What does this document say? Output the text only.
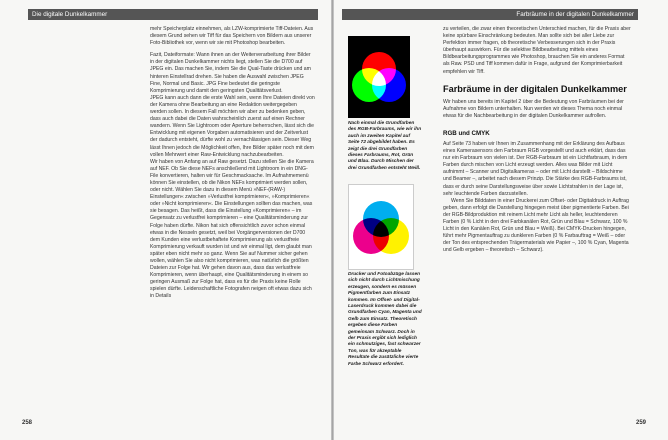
Die digitale Dunkelkammer

mehr Speicherplatz einnehmen, als LZW-komprimierte Tiff-Dateien. Aus diesem Grund sehen wir Tiff für das Speichern von Bildern aus unserer Foto-Bibliothek vor, wenn wir sie mit Photoshop bearbeiten.

Fazit, Dateiformate: Wann ihnen an der Weiterverarbeitung ihrer Bilder in der digitalen Dunkelkammer nichts liegt, stellen Sie die D700 auf JPEG ein. Das machen Sie, indem Sie die Qual-Taste drücken und am hinteren Einstellrad drehen. Sie haben die Auswahl zwischen JPEG Fine, Normal und Basic. JPG Fine bedeutet die geringste Komprimierung und damit den geringsten Qualitätsverlust.

JPEG kann auch dann die erste Wahl sein, wenn Ihre Dateien direkt von der Kamera ohne Bearbeitung an eine Redaktion weitergegeben werden sollen. In diesem Fall möchten wir aber zu bedenken geben, dass auch dabei die Daten wahrscheinlich zuerst auf einen Rechner wandern. Wenn Sie Lightroom oder Aperture beherrschen, lässt sich die Entwicklung mit eigenen Vorgaben automatisieren und der Zeitverlust der dadurch entsteht, dürfte wohl zu vernachlässigen sein. Dieser Weg lässt Ihnen jedoch die Möglichkeit offen, Ihre Bilder später noch mit dem vollen Mehrwert einer Raw-Entwicklung nachzubearbeiten.

Wir haben von Anfang an auf Raw gesetzt. Dazu stellen Sie die Kamera auf NEF. Ob Sie diese NEFs anschließend mit Lightroom in ein DNG-File konvertieren, halten wir für Geschmacksache. Im Aufnahmemenü können Sie einstellen, ob die Nikon NEFs komprimiert werden sollen, oder nicht. Wählen Sie dazu in diesem Menü »NEF-(RAW-) Einstellungen« zwischen »Verlustfrei komprimieren«, »Komprimieren« oder »Nicht komprimieren«. Die Einstellungen sollten das machen, was sie besagen. Das heißt, dass die Einstellung »Komprimieren« – im Gegensatz zu verlustfrei komprimieren – eine Qualitätsminderung zur Folge haben dürfte. Nikon hat sich offensichtlich zuvor schon einmal etwas in die Nesseln gesetzt, weil bei Vorgängerversionen der D700 dem Kunden eine verlustbehaftete Komprimierung als verlustfreie Komprimierung verkauft wurden ist und wir einmal ligt, dem glaubt man später eben nicht mehr so ganz. Wenn Sie auf Nummer sicher gehen wollen, wählen Sie also nicht komprimieren, was natürlich die größten Dateien zur Folge hat. Wir gehen davon aus, dass das verlustfreie Komprimieren, wenn überhaupt, eine Qualitätsminderung in einem so geringen Ausmaß zur Folge hat, dass es für die Praxis keine Rolle spielen dürfte. Leidenschaftliche Fotografen neigen oft etwas dazu sich in Details

258
Farbräume in der digitalen Dunkelkammer
Nach einmal die Grundfarben des RGB-Farbraums, wie wir ihn auch im zweiten Kapitel auf Seite 72 abgebildet haben. Es zeigt die drei Grundfarben dieses Farbraums, Rot, Grün und Blau. Durch Mischen der drei Grundfarben entsteht Weiß.
Drucker und Fotoabzüge lassen sich nicht durch Lichtmischung erzeugen, sondern es müssen Pigmentfarben zum Einsatz kommen. Im Offset- und Digital-Laserdruck kommen dabei die Grundfarben Cyan, Magenta und Gelb zum Einsatz. Theoretisch ergeben diese Farben gemeinsam Schwarz. Doch in der Praxis ergibt sich lediglich ein schmutziges, fast schwarzer Ton, was für akzeptable Resultate die zusätzliche vierte Farbe Schwarz erfordert.

zu verteilen, die zwar einen theoretischen Unterschied machen, für die Praxis aber keine spürbare Einschränkung bedeuten. Man sollte sich bei aller Liebe zur Perfektion immer fragen, ob theoretische Verbesserungen sich in der Praxis überhaupt auswirken. Für die selektive Bildbearbeitung mittels eines Bildbearbeitungsprogrammes wie Photoshop, brauchen Sie ein anderes Format als Raw. PSD und Tiff kommen dafür in Frage, aufgrund der Komprimierbarkeit empfehlen wir Tiff.

Farbräume in der digitalen Dunkelkammer

Wir haben uns bereits im Kapitel 2 über die Bedeutung von Farbräumen bei der Aufnahme von Bildern unterhalten. Nun werden wir dieses Thema noch einmal etwas für die Nachbearbeitung in der digitalen Dunkelkammer aufrollen.

RGB und CMYK

Auf Seite 73 haben wir Ihnen im Zusammenhang mit der Erklärung des Aufbaus eines Kamerasensors den Farbraum RGB vorgestellt und auch erklärt, dass das nur ein Farbraum von vielen ist. Der RGB-Farbraum ist ein Lichtfarbraum, in dem Farben durch mischen von Licht erzeugt werden. Alles was Bilder mit Licht aufnimmt – Scanner und Digitalkameras – oder mit Licht darstellt – Bildschirme und Beamer –, arbeitet nach diesem Prinzip. Die Stärke des RGB-Farbraums ist, dass er durch seine Darstellungsweise über sowie Lichtstrahlen in der Lage ist, sehr leuchtende Farben darzustellen.

Wenn Sie Bilddaten in einer Druckerei zum Offset- oder Digitaldruck in Auftrag geben, dann erfolgt die Darstellung hingegen meist über pigmentierte Farben. Bei der RGB-Bildproduktion mit reinem Licht mehr Licht als heller, leuchtenderen Farben (0 % Licht in den drei Farbkanälen Rot, Grün und Blau = Schwarz, 100 % Licht in den Kanälen Rot, Grün und Blau = Weiß). Bei CMYK-Drucken hingegen, führt mehr Pigmentauftrag zu dunkleren Farben (0 % Farbauftrag = Weiß – oder der Ton des entsprechenden Trägermaterials wie Papier –, 100 % Cyan, Magenta und Gelb ergeben – theoretisch – Schwarz).

259
